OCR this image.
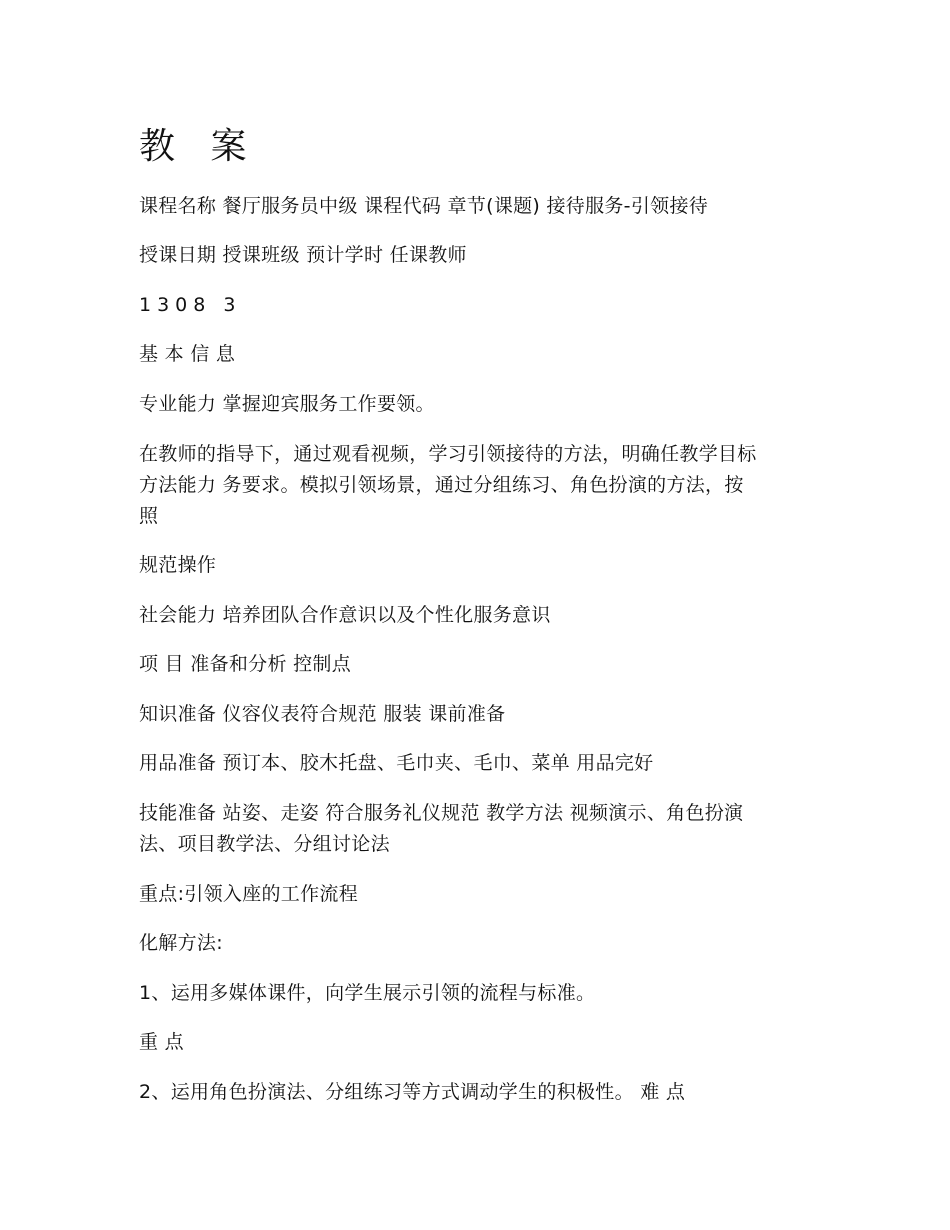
教 案
课程名称 餐厅服务员中级 课程代码 章节(课题) 接待服务-引领接待
授课日期 授课班级 预计学时 任课教师
1308 3
基 本 信 息
专业能力 掌握迎宾服务工作要领。
在教师的指导下，通过观看视频，学习引领接待的方法，明确任教学目标
方法能力 务要求。模拟引领场景，通过分组练习、角色扮演的方法，按
照
规范操作
社会能力 培养团队合作意识以及个性化服务意识
项 目 准备和分析 控制点
知识准备 仪容仪表符合规范 服装 课前准备
用品准备 预订本、胶木托盘、毛巾夹、毛巾、菜单 用品完好
技能准备 站姿、走姿 符合服务礼仪规范 教学方法 视频演示、角色扮演
法、项目教学法、分组讨论法
重点:引领入座的工作流程
化解方法:
1、运用多媒体课件，向学生展示引领的流程与标准。
重 点
2、运用角色扮演法、分组练习等方式调动学生的积极性。 难 点
